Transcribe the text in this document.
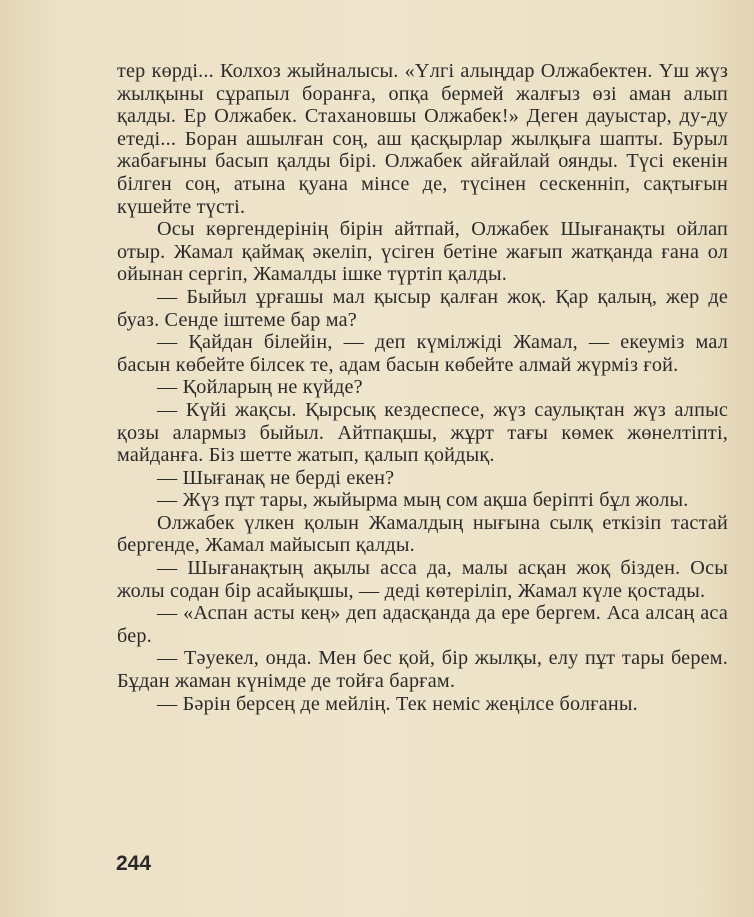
тер көрді... Колхоз жыйналысы. «Үлгі алыңдар Олжабектен. Үш жүз жылқыны сұрапыл боранға, опқа бермей жалғыз өзі аман алып қалды. Ер Олжабек. Стахановшы Олжабек!» Деген дауыстар, ду-ду етеді... Боран ашылған соң, аш қасқырлар жылқыға шапты. Бурыл жабағыны басып қалды бірі. Олжабек айғайлай оянды. Түсі екенін білген соң, атына қуана мінсе де, түсінен сескенніп, сақтығын күшейте түсті.

Осы көргендерінің бірін айтпай, Олжабек Шығанақты ойлап отыр. Жамал қаймақ әкеліп, үсіген бетіне жағып жатқанда ғана ол ойынан сергіп, Жамалды ішке түртіп қалды.

— Быйыл ұрғашы мал қысыр қалған жоқ. Қар қалың, жер де буаз. Сенде іштеме бар ма?

— Қайдан білейін, — деп күмілжіді Жамал, — екеуміз мал басын көбейте білсек те, адам басын көбейте алмай жүрміз ғой.

— Қойларың не күйде?

— Күйі жақсы. Қырсық кездеспесе, жүз саулықтан жүз алпыс қозы алармыз быйыл. Айтпақшы, жұрт тағы көмек жөнелтіпті, майданға. Біз шетте жатып, қалып қойдық.

— Шығанақ не берді екен?

— Жүз пұт тары, жыйырма мың сом ақша беріпті бұл жолы.

Олжабек үлкен қолын Жамалдың нығына сылқ еткізіп тастай бергенде, Жамал майысып қалды.

— Шығанақтың ақылы асса да, малы асқан жоқ бізден. Осы жолы содан бір асайықшы, — деді көтеріліп, Жамал күле қостады.

— «Аспан асты кең» деп адасқанда да ере бергем. Аса алсаң аса бер.

— Тәуекел, онда. Мен бес қой, бір жылқы, елу пұт тары берем. Бұдан жаман күнімде де тойға барғам.

— Бәрін берсең де мейлің. Тек неміс жеңілсе болғаны.

244
